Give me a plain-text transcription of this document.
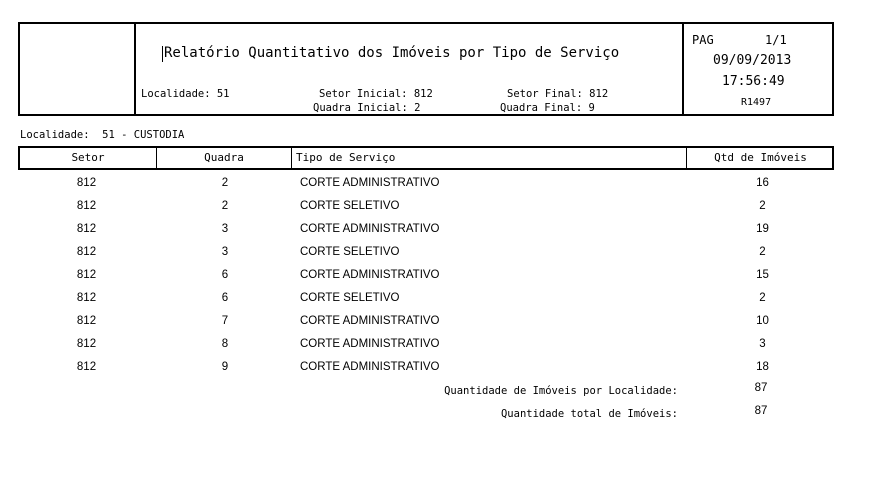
Relatório Quantitativo dos Imóveis por Tipo de Serviço
Localidade: 51	Setor Inicial: 812
Quadra Inicial: 2
Setor Final: 812
Quadra Final: 9
PAG	1/1
09/09/2013
17:56:49
R1497
Localidade:  51 - CUSTODIA
Setor	Quadra	Tipo de Serviço	Qtd de Imóveis
812	2	CORTE ADMINISTRATIVO	16
812	2	CORTE SELETIVO	2
812	3	CORTE ADMINISTRATIVO	19
812	3	CORTE SELETIVO	2
812	6	CORTE ADMINISTRATIVO	15
812	6	CORTE SELETIVO	2
812	7	CORTE ADMINISTRATIVO	10
812	8	CORTE ADMINISTRATIVO	3
812	9	CORTE ADMINISTRATIVO	18
Quantidade de Imóveis por Localidade:	87
Quantidade total de Imóveis:	87
